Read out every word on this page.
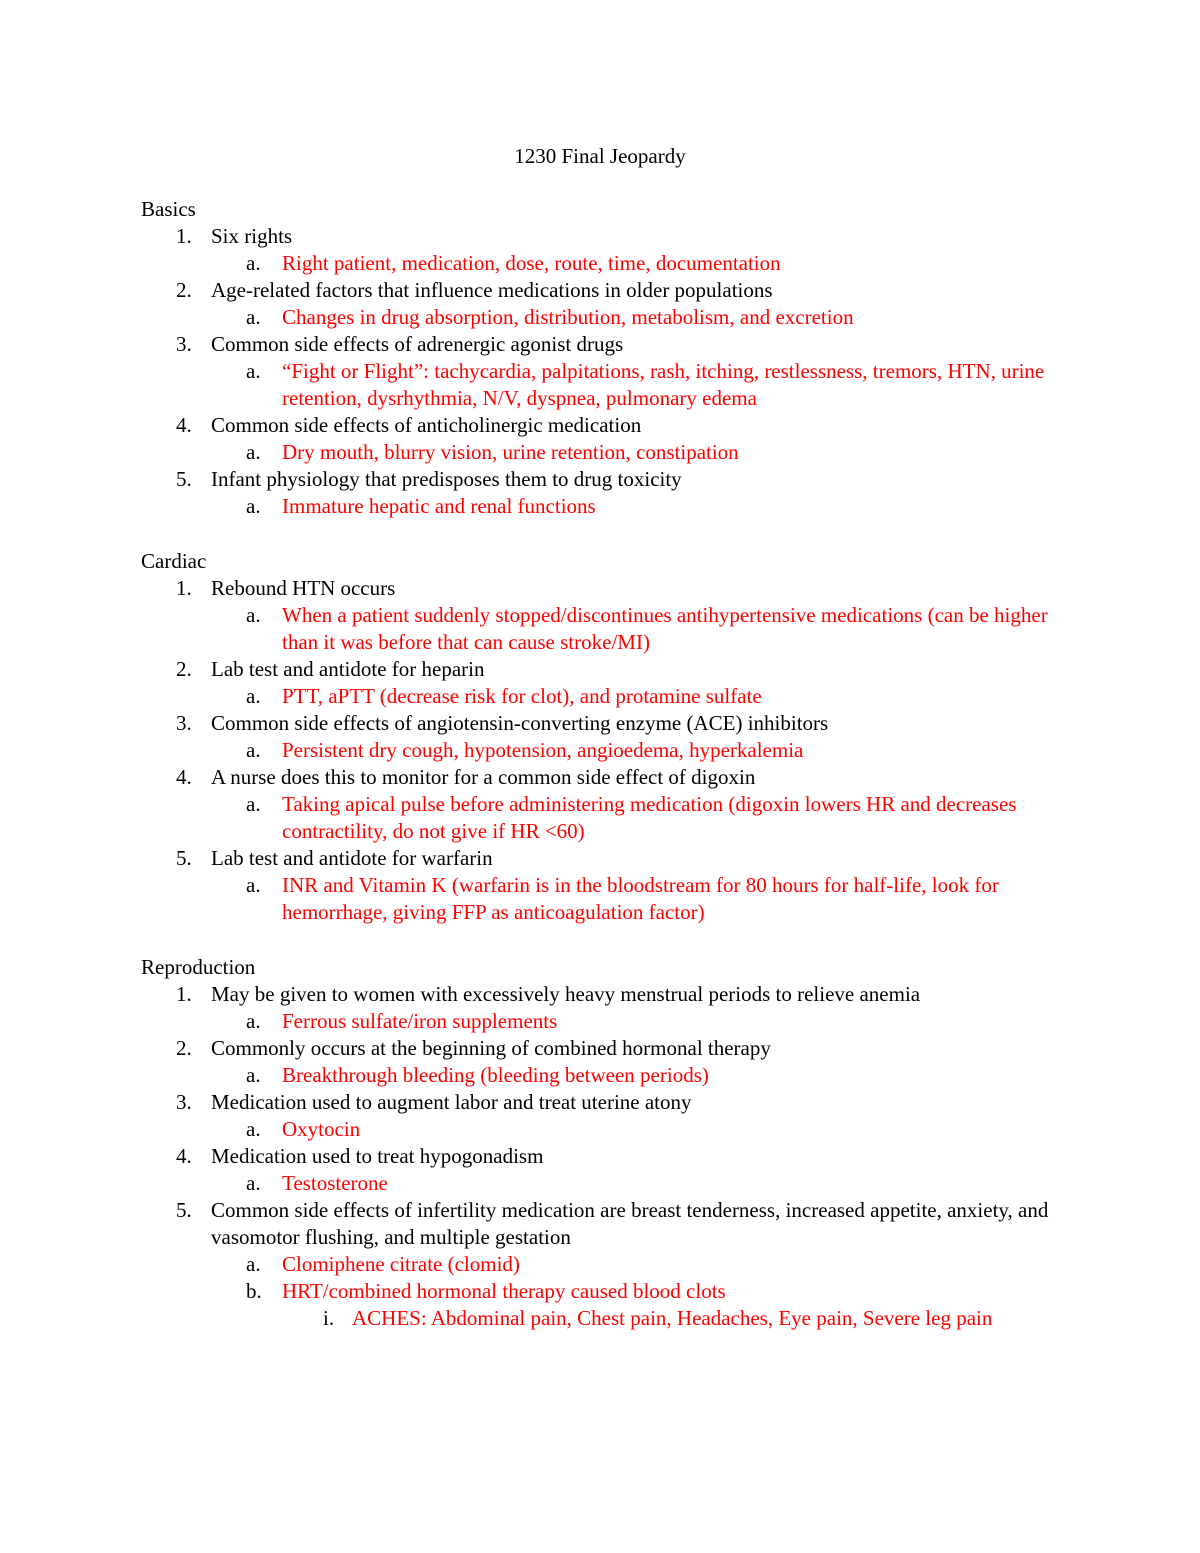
1230 Final Jeopardy
Basics
1. Six rights
a. Right patient, medication, dose, route, time, documentation
2. Age-related factors that influence medications in older populations
a. Changes in drug absorption, distribution, metabolism, and excretion
3. Common side effects of adrenergic agonist drugs
a. “Fight or Flight”: tachycardia, palpitations, rash, itching, restlessness, tremors, HTN, urine retention, dysrhythmia, N/V, dyspnea, pulmonary edema
4. Common side effects of anticholinergic medication
a. Dry mouth, blurry vision, urine retention, constipation
5. Infant physiology that predisposes them to drug toxicity
a. Immature hepatic and renal functions
Cardiac
1. Rebound HTN occurs
a. When a patient suddenly stopped/discontinues antihypertensive medications (can be higher than it was before that can cause stroke/MI)
2. Lab test and antidote for heparin
a. PTT, aPTT (decrease risk for clot), and protamine sulfate
3. Common side effects of angiotensin-converting enzyme (ACE) inhibitors
a. Persistent dry cough, hypotension, angioedema, hyperkalemia
4. A nurse does this to monitor for a common side effect of digoxin
a. Taking apical pulse before administering medication (digoxin lowers HR and decreases contractility, do not give if HR <60)
5. Lab test and antidote for warfarin
a. INR and Vitamin K (warfarin is in the bloodstream for 80 hours for half-life, look for hemorrhage, giving FFP as anticoagulation factor)
Reproduction
1. May be given to women with excessively heavy menstrual periods to relieve anemia
a. Ferrous sulfate/iron supplements
2. Commonly occurs at the beginning of combined hormonal therapy
a. Breakthrough bleeding (bleeding between periods)
3. Medication used to augment labor and treat uterine atony
a. Oxytocin
4. Medication used to treat hypogonadism
a. Testosterone
5. Common side effects of infertility medication are breast tenderness, increased appetite, anxiety, and vasomotor flushing, and multiple gestation
a. Clomiphene citrate (clomid)
b. HRT/combined hormonal therapy caused blood clots
i. ACHES: Abdominal pain, Chest pain, Headaches, Eye pain, Severe leg pain
